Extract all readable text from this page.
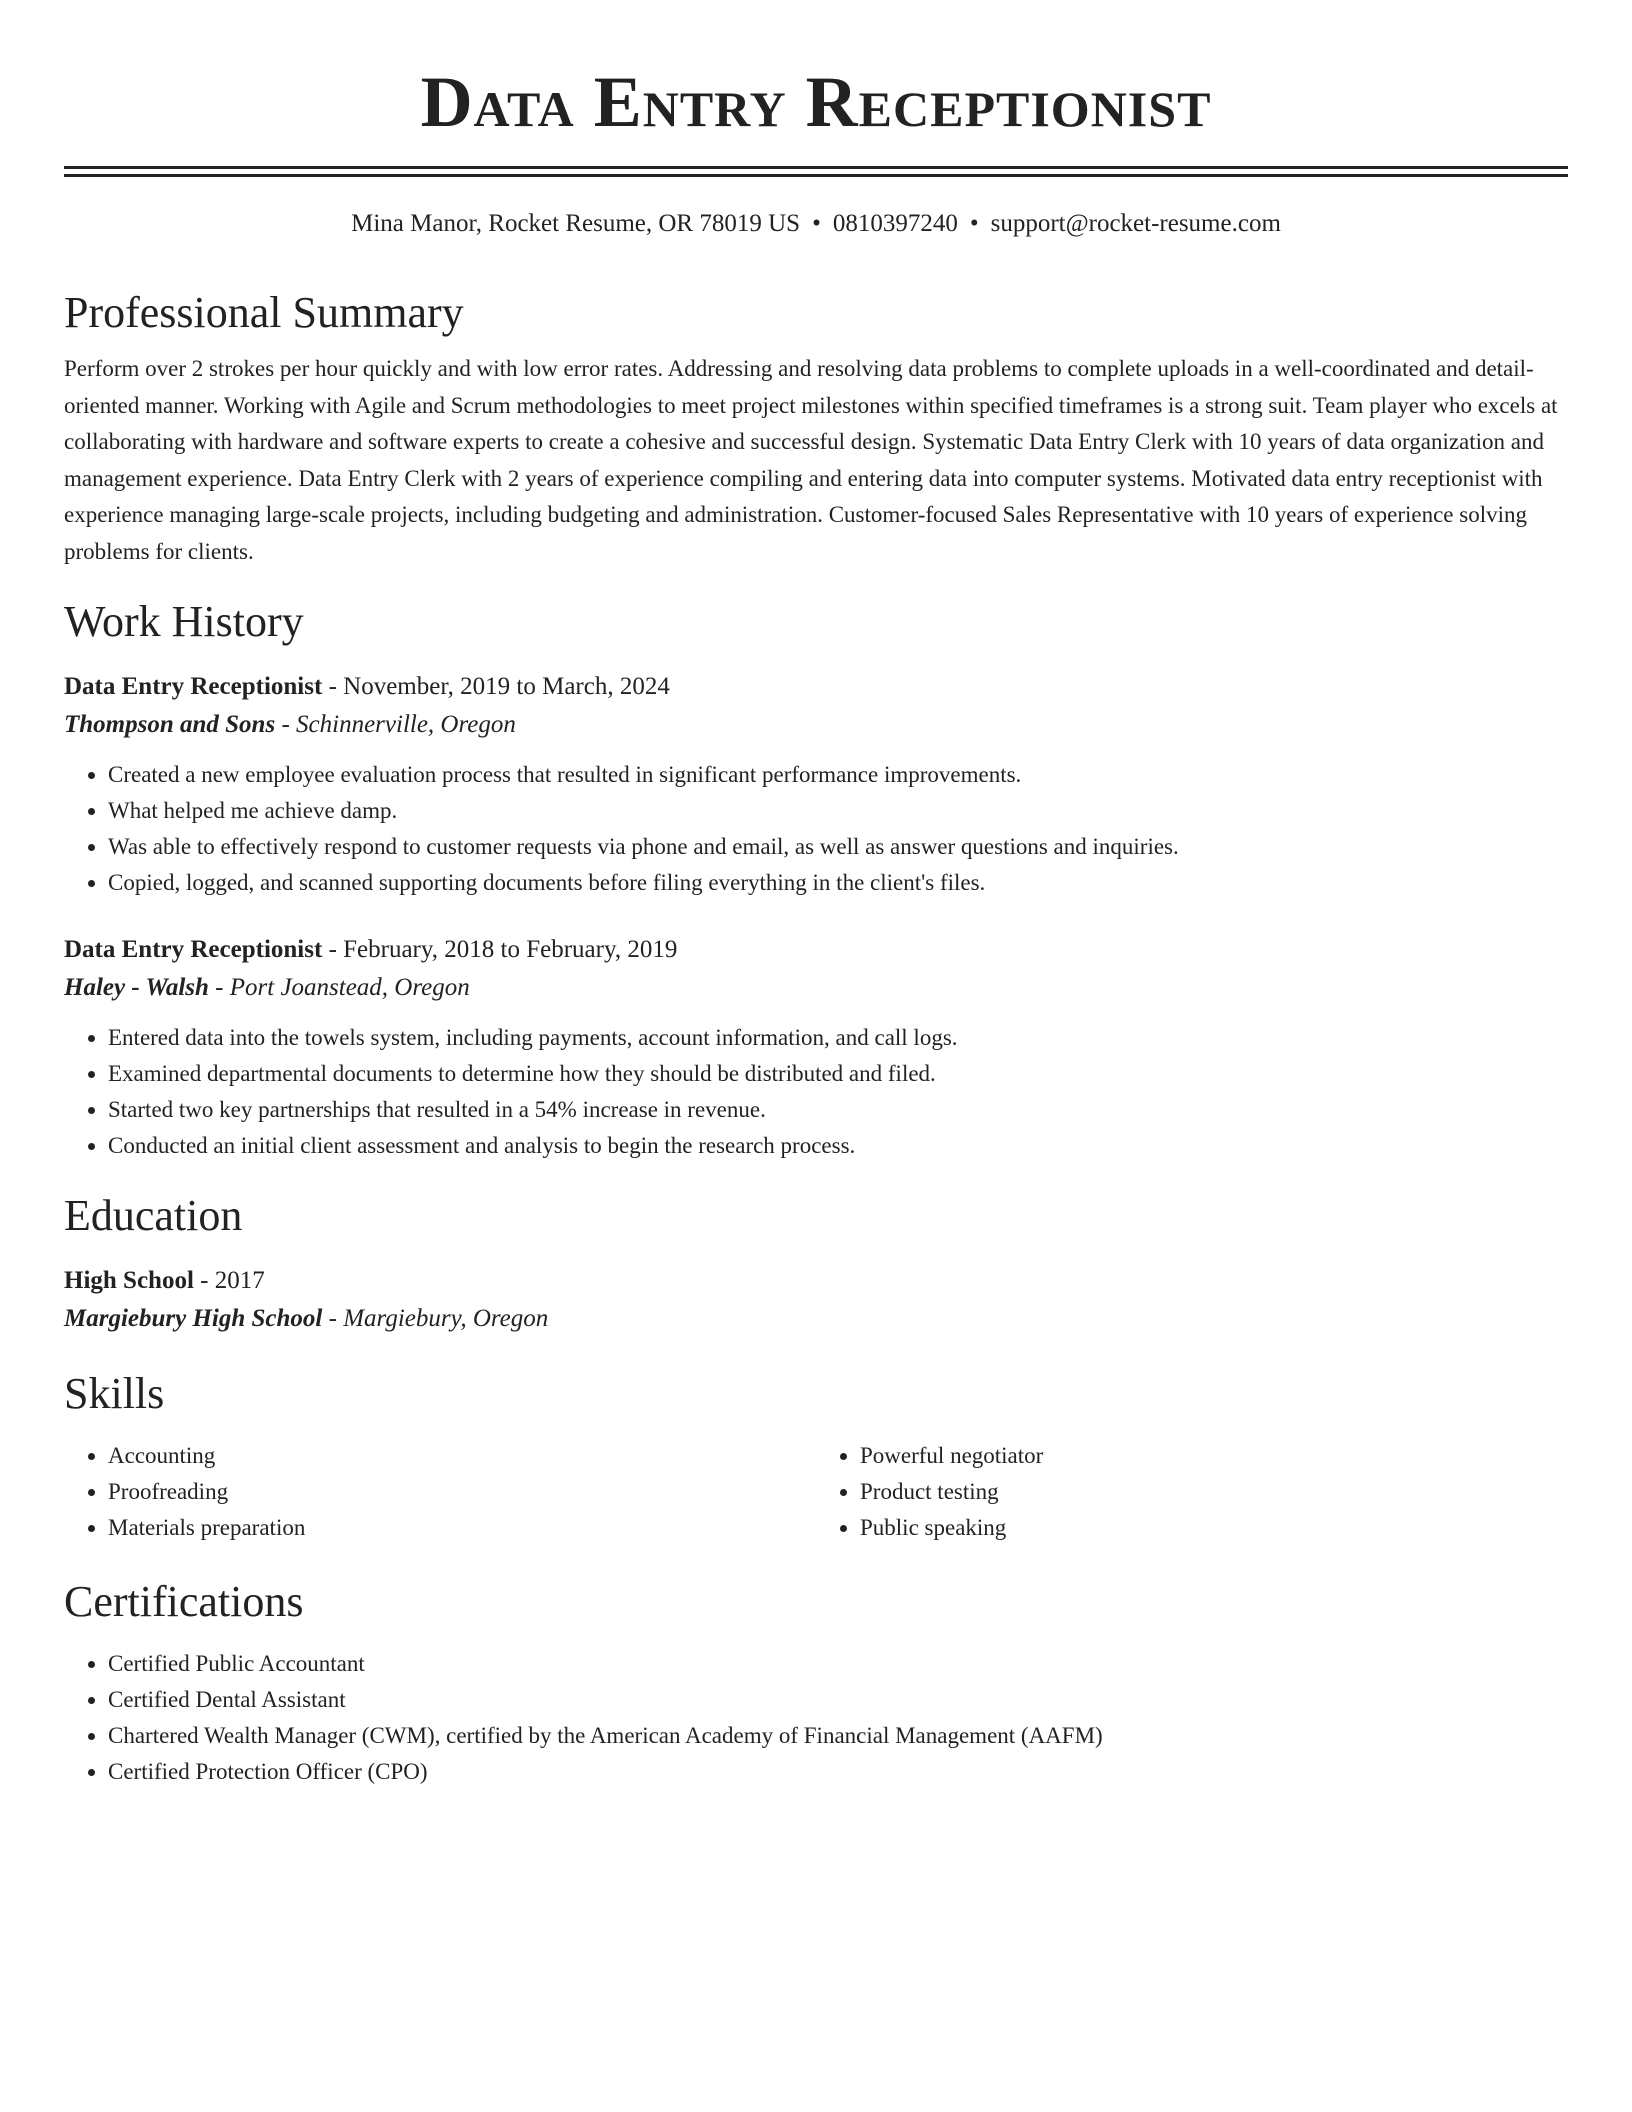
Data Entry Receptionist
Mina Manor, Rocket Resume, OR 78019 US • 0810397240 • support@rocket-resume.com
Professional Summary

Perform over 2 strokes per hour quickly and with low error rates. Addressing and resolving data problems to complete uploads in a well-coordinated and detail-oriented manner. Working with Agile and Scrum methodologies to meet project milestones within specified timeframes is a strong suit. Team player who excels at collaborating with hardware and software experts to create a cohesive and successful design. Systematic Data Entry Clerk with 10 years of data organization and management experience. Data Entry Clerk with 2 years of experience compiling and entering data into computer systems. Motivated data entry receptionist with experience managing large-scale projects, including budgeting and administration. Customer-focused Sales Representative with 10 years of experience solving problems for clients.

Work History
Data Entry Receptionist - November, 2019 to March, 2024
Thompson and Sons - Schinnerville, Oregon
• Created a new employee evaluation process that resulted in significant performance improvements.
• What helped me achieve damp.
• Was able to effectively respond to customer requests via phone and email, as well as answer questions and inquiries.
• Copied, logged, and scanned supporting documents before filing everything in the client's files.
Data Entry Receptionist - February, 2018 to February, 2019
Haley - Walsh - Port Joanstead, Oregon
• Entered data into the towels system, including payments, account information, and call logs.
• Examined departmental documents to determine how they should be distributed and filed.
• Started two key partnerships that resulted in a 54% increase in revenue.
• Conducted an initial client assessment and analysis to begin the research process.
Education
High School - 2017
Margiebury High School - Margiebury, Oregon
Skills
• Accounting
• Proofreading
• Materials preparation
• Powerful negotiator
• Product testing
• Public speaking
Certifications
• Certified Public Accountant
• Certified Dental Assistant
• Chartered Wealth Manager (CWM), certified by the American Academy of Financial Management (AAFM)
• Certified Protection Officer (CPO)
